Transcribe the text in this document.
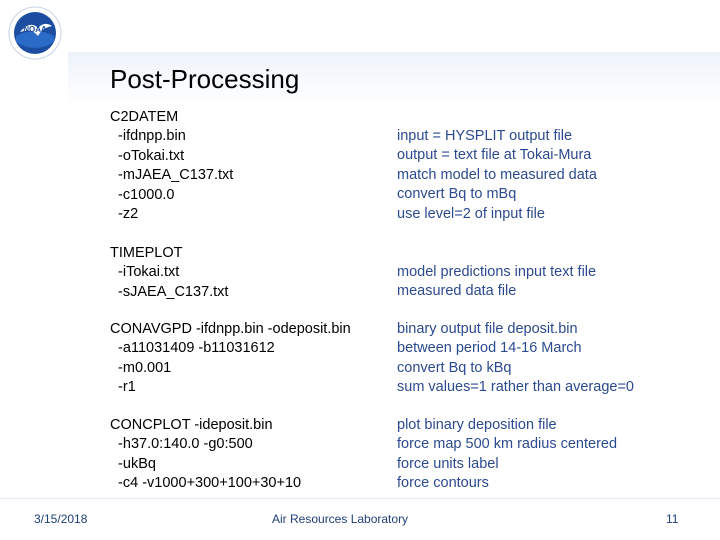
NOAA
Post-Processing
C2DATEM
-ifdnpp.bin
-oTokai.txt
-mJAEA_C137.txt
-c1000.0
-z2
input = HYSPLIT output file
output = text file at Tokai-Mura
match model to measured data
convert Bq to mBq
use level=2 of input file
TIMEPLOT
-iTokai.txt
-sJAEA_C137.txt
model predictions input text file
measured data file
CONAVGPD -ifdnpp.bin -odeposit.bin
-a11031409 -b11031612
-m0.001
-r1
binary output file deposit.bin
between period 14-16 March
convert Bq to kBq
sum values=1 rather than average=0
CONCPLOT -ideposit.bin
-h37.0:140.0 -g0:500
-ukBq
-c4 -v1000+300+100+30+10
plot binary deposition file
force map 500 km radius centered
force units label
force contours
3/15/2018	Air Resources Laboratory	11
